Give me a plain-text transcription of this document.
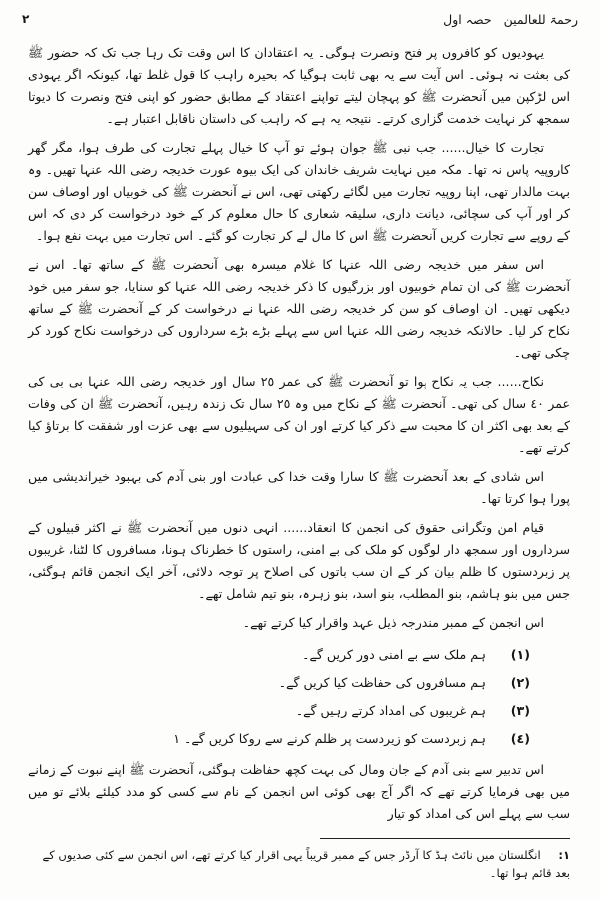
رحمۃ للعالمین حصہ اول
٢

یہودیوں کو کافروں پر فتح ونصرت ہوگی۔ یہ اعتقادان کا اس وقت تک رہا جب تک کہ حضور ﷺ کی بعثت نہ ہوئی۔ اس آیت سے یہ بھی ثابت ہوگیا کہ بحیرہ راہب کا قول غلط تھا، کیونکہ اگر یہودی اس لڑکپن میں آنحضرت ﷺ کو پہچان لیتے تواپنے اعتقاد کے مطابق حضور کو اپنی فتح ونصرت کا دیوتا سمجھ کر نہایت خدمت گزاری کرتے۔ نتیجہ یہ ہے کہ راہب کی داستان ناقابل اعتبار ہے۔

تجارت کا خیال...... جب نبی ﷺ جوان ہوئے تو آپ کا خیال پہلے تجارت کی طرف ہوا، مگر گھر کاروپیہ پاس نہ تھا۔ مکہ میں نہایت شریف خاندان کی ایک بیوہ عورت خدیجہ رضی اللہ عنہا تھیں۔ وہ بہت مالدار تھی، اپنا روپیہ تجارت میں لگائے رکھتی تھی، اس نے آنحضرت ﷺ کی خوبیاں اور اوصاف سن کر اور آپ کی سچائی، دیانت داری، سلیقہ شعاری کا حال معلوم کر کے خود درخواست کر دی کہ اس کے روپے سے تجارت کریں آنحضرت ﷺ اس کا مال لے کر تجارت کو گئے۔ اس تجارت میں بہت نفع ہوا۔

اس سفر میں خدیجہ رضی اللہ عنہا کا غلام میسرہ بھی آنحضرت ﷺ کے ساتھ تھا۔ اس نے آنحضرت ﷺ کی ان تمام خوبیوں اور بزرگیوں کا ذکر خدیجہ رضی اللہ عنہا کو سنایا، جو سفر میں خود دیکھی تھیں۔ ان اوصاف کو سن کر خدیجہ رضی اللہ عنہا نے درخواست کر کے آنحضرت ﷺ کے ساتھ نکاح کر لیا۔ حالانکہ خدیجہ رضی اللہ عنہا اس سے پہلے بڑے بڑے سرداروں کی درخواست نکاح کورد کر چکی تھی۔

نکاح...... جب یہ نکاح ہوا تو آنحضرت ﷺ کی عمر ٢٥ سال اور خدیجہ رضی اللہ عنہا بی بی کی عمر ٤٠ سال کی تھی۔ آنحضرت ﷺ کے نکاح میں وہ ٢٥ سال تک زندہ رہیں، آنحضرت ﷺ ان کی وفات کے بعد بھی اکثر ان کا محبت سے ذکر کیا کرتے اور ان کی سہیلیوں سے بھی عزت اور شفقت کا برتاؤ کیا کرتے تھے۔

اس شادی کے بعد آنحضرت ﷺ کا سارا وقت خدا کی عبادت اور بنی آدم کی بہبود خیراندیشی میں پورا ہوا کرتا تھا۔

قیام امن وتگرانی حقوق کی انجمن کا انعقاد...... انہی دنوں میں آنحضرت ﷺ نے اکثر قبیلوں کے سرداروں اور سمجھ دار لوگوں کو ملک کی بے امنی، راستوں کا خطرناک ہونا، مسافروں کا لٹنا، غریبوں پر زبردستوں کا ظلم بیان کر کے ان سب باتوں کی اصلاح پر توجہ دلائی، آخر ایک انجمن قائم ہوگئی، جس میں بنو ہاشم، بنو المطلب، بنو اسد، بنو زہرہ، بنو تیم شامل تھے۔

اس انجمن کے ممبر مندرجہ ذیل عہد واقرار کیا کرتے تھے۔

(١)
ہم ملک سے بے امنی دور کریں گے۔
(٢)
ہم مسافروں کی حفاظت کیا کریں گے۔
(٣)
ہم غریبوں کی امداد کرتے رہیں گے۔
(٤)
ہم زبردست کو زیردست پر ظلم کرنے سے روکا کریں گے۔ ١

اس تدبیر سے بنی آدم کے جان ومال کی بہت کچھ حفاظت ہوگئی، آنحضرت ﷺ اپنے نبوت کے زمانے میں بھی فرمایا کرتے تھے کہ اگر آج بھی کوئی اس انجمن کے نام سے کسی کو مدد کیلئے بلائے تو میں سب سے پہلے اس کی امداد کو تیار

١: انگلستان میں نائٹ ہڈ کا آرڈر جس کے ممبر قریباً یہی اقرار کیا کرتے تھے، اس انجمن سے کئی صدیوں کے بعد قائم ہوا تھا۔
